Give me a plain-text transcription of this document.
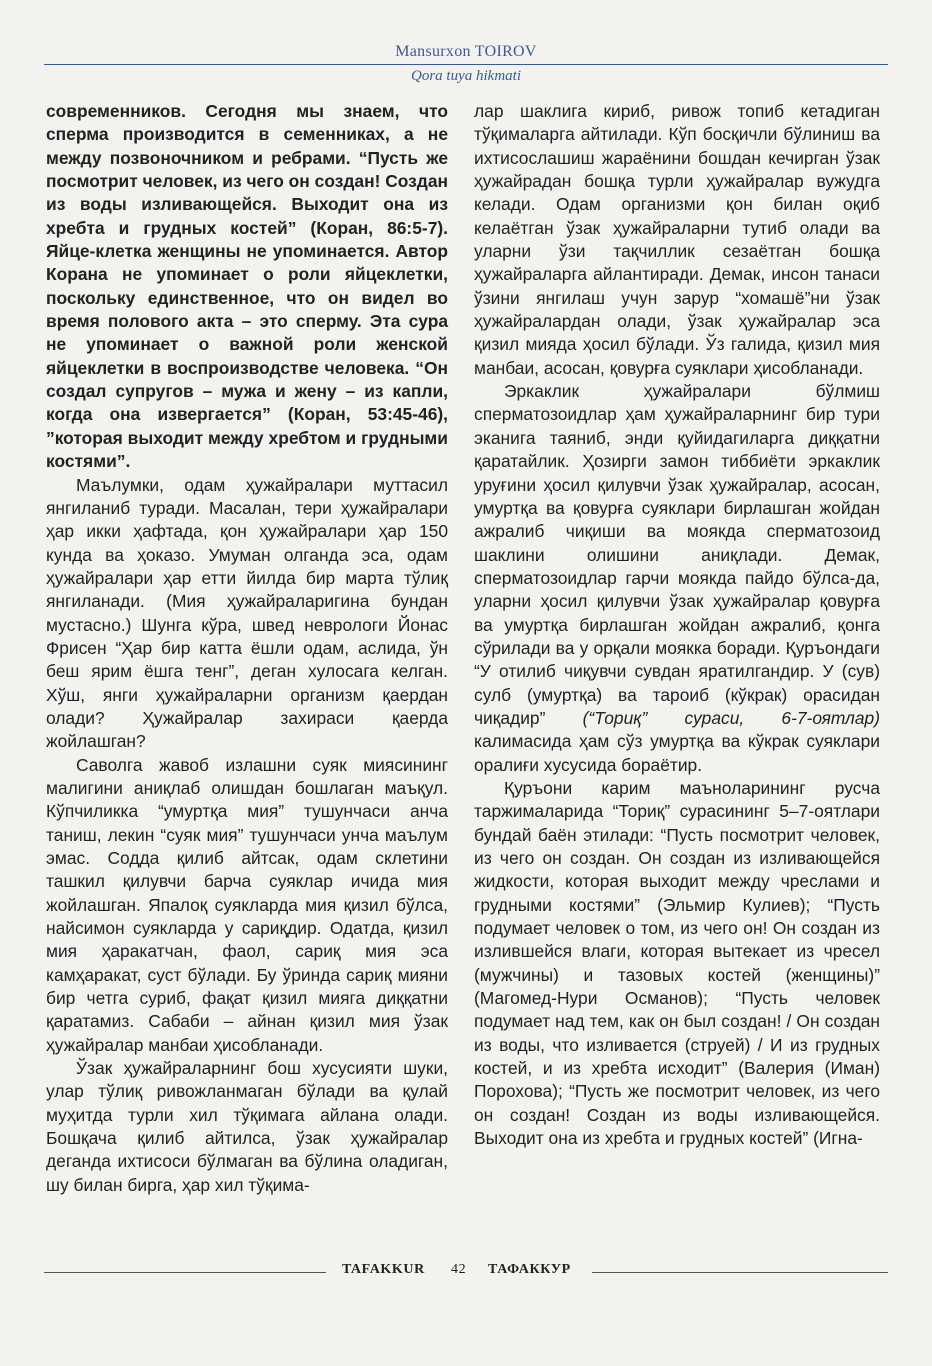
Mansurxon TOIROV
Qora tuya hikmati

современников. Сегодня мы знаем, что сперма производится в семенниках, а не между позвоночником и ребрами. “Пусть же посмотрит человек, из чего он создан! Создан из воды изливающейся. Выходит она из хребта и грудных костей” (Коран, 86:5-7). Яйце-клетка женщины не упоминается. Автор Корана не упоминает о роли яйцеклетки, поскольку единственное, что он видел во время полового акта – это сперму. Эта сура не упоминает о важной роли женской яйцеклетки в воспроизводстве человека. “Он создал супругов – мужа и жену – из капли, когда она извергается” (Коран, 53:45-46), ”которая выходит между хребтом и грудными костями”.

Маълумки, одам ҳужайралари муттасил янгиланиб туради. Масалан, тери ҳужайралари ҳар икки ҳафтада, қон ҳужайралари ҳар 150 кунда ва ҳоказо. Умуман олганда эса, одам ҳужайралари ҳар етти йилда бир марта тўлиқ янгиланади. (Мия ҳужайраларигина бундан мустасно.) Шунга кўра, швед неврологи Йонас Фрисен “Ҳар бир катта ёшли одам, аслида, ўн беш ярим ёшга тенг”, деган хулосага келган. Хўш, янги ҳужайраларни организм қаердан олади? Ҳужайралар захираси қаерда жойлашган?

Саволга жавоб излашни суяк миясининг малигини аниқлаб олишдан бошлаган маъқул. Кўпчиликка “умуртқа мия” тушунчаси анча таниш, лекин “суяк мия” тушунчаси унча маълум эмас. Содда қилиб айтсак, одам склетини ташкил қилувчи барча суяклар ичида мия жойлашган. Япалоқ суякларда мия қизил бўлса, найсимон суякларда у сариқдир. Одатда, қизил мия ҳаракатчан, фаол, сариқ мия эса камҳаракат, суст бўлади. Бу ўринда сариқ мияни бир четга суриб, фақат қизил мияга диққатни қаратамиз. Сабаби – айнан қизил мия ўзак ҳужайралар манбаи ҳисобланади.

Ўзак ҳужайраларнинг бош хусусияти шуки, улар тўлиқ ривожланмаган бўлади ва қулай муҳитда турли хил тўқимага айлана олади. Бошқача қилиб айтилса, ўзак ҳужайралар деганда ихтисоси бўлмаган ва бўлина оладиган, шу билан бирга, ҳар хил тўқима-

лар шаклига кириб, ривож топиб кетадиган тўқималарга айтилади. Кўп босқичли бўлиниш ва ихтисослашиш жараёнини бошдан кечирган ўзак ҳужайрадан бошқа турли ҳужайралар вужудга келади. Одам организми қон билан оқиб келаётган ўзак ҳужайраларни тутиб олади ва уларни ўзи тақчиллик сезаётган бошқа ҳужайраларга айлантиради. Демак, инсон танаси ўзини янгилаш учун зарур “хомашё”ни ўзак ҳужайралардан олади, ўзак ҳужайралар эса қизил мияда ҳосил бўлади. Ўз галида, қизил мия манбаи, асосан, қовурға суяклари ҳисобланади.

Эркаклик ҳужайралари бўлмиш сперматозоидлар ҳам ҳужайраларнинг бир тури эканига таяниб, энди қуйидагиларга диққатни қаратайлик. Ҳозирги замон тиббиёти эркаклик уруғини ҳосил қилувчи ўзак ҳужайралар, асосан, умуртқа ва қовурға суяклари бирлашган жойдан ажралиб чиқиши ва моякда сперматозоид шаклини олишини аниқлади. Демак, сперматозоидлар гарчи моякда пайдо бўлса-да, уларни ҳосил қилувчи ўзак ҳужайралар қовурға ва умуртқа бирлашган жойдан ажралиб, қонга сўрилади ва у орқали моякка боради. Қуръондаги “У отилиб чиқувчи сувдан яратилгандир. У (сув) сулб (умуртқа) ва тароиб (кўкрак) орасидан чиқадир” (“Ториқ” сураси, 6-7-оятлар) калимасида ҳам сўз умуртқа ва кўкрак суяклари оралиғи хусусида бораётир.

Қуръони карим маъноларининг русча таржималарида “Ториқ” сурасининг 5–7-оятлари бундай баён этилади: “Пусть посмотрит человек, из чего он создан. Он создан из изливающейся жидкости, которая выходит между чреслами и грудными костями” (Эльмир Кулиев); “Пусть подумает человек о том, из чего он! Он создан из излившейся влаги, которая вытекает из чресел (мужчины) и тазовых костей (женщины)” (Магомед-Нури Османов); “Пусть человек подумает над тем, как он был создан! / Он создан из воды, что изливается (струей) / И из грудных костей, и из хребта исходит” (Валерия (Иман) Порохова); “Пусть же посмотрит человек, из чего он создан! Создан из воды изливающейся. Выходит она из хребта и грудных костей” (Игна-

TAFAKKUR 42 ТАФАККУР
